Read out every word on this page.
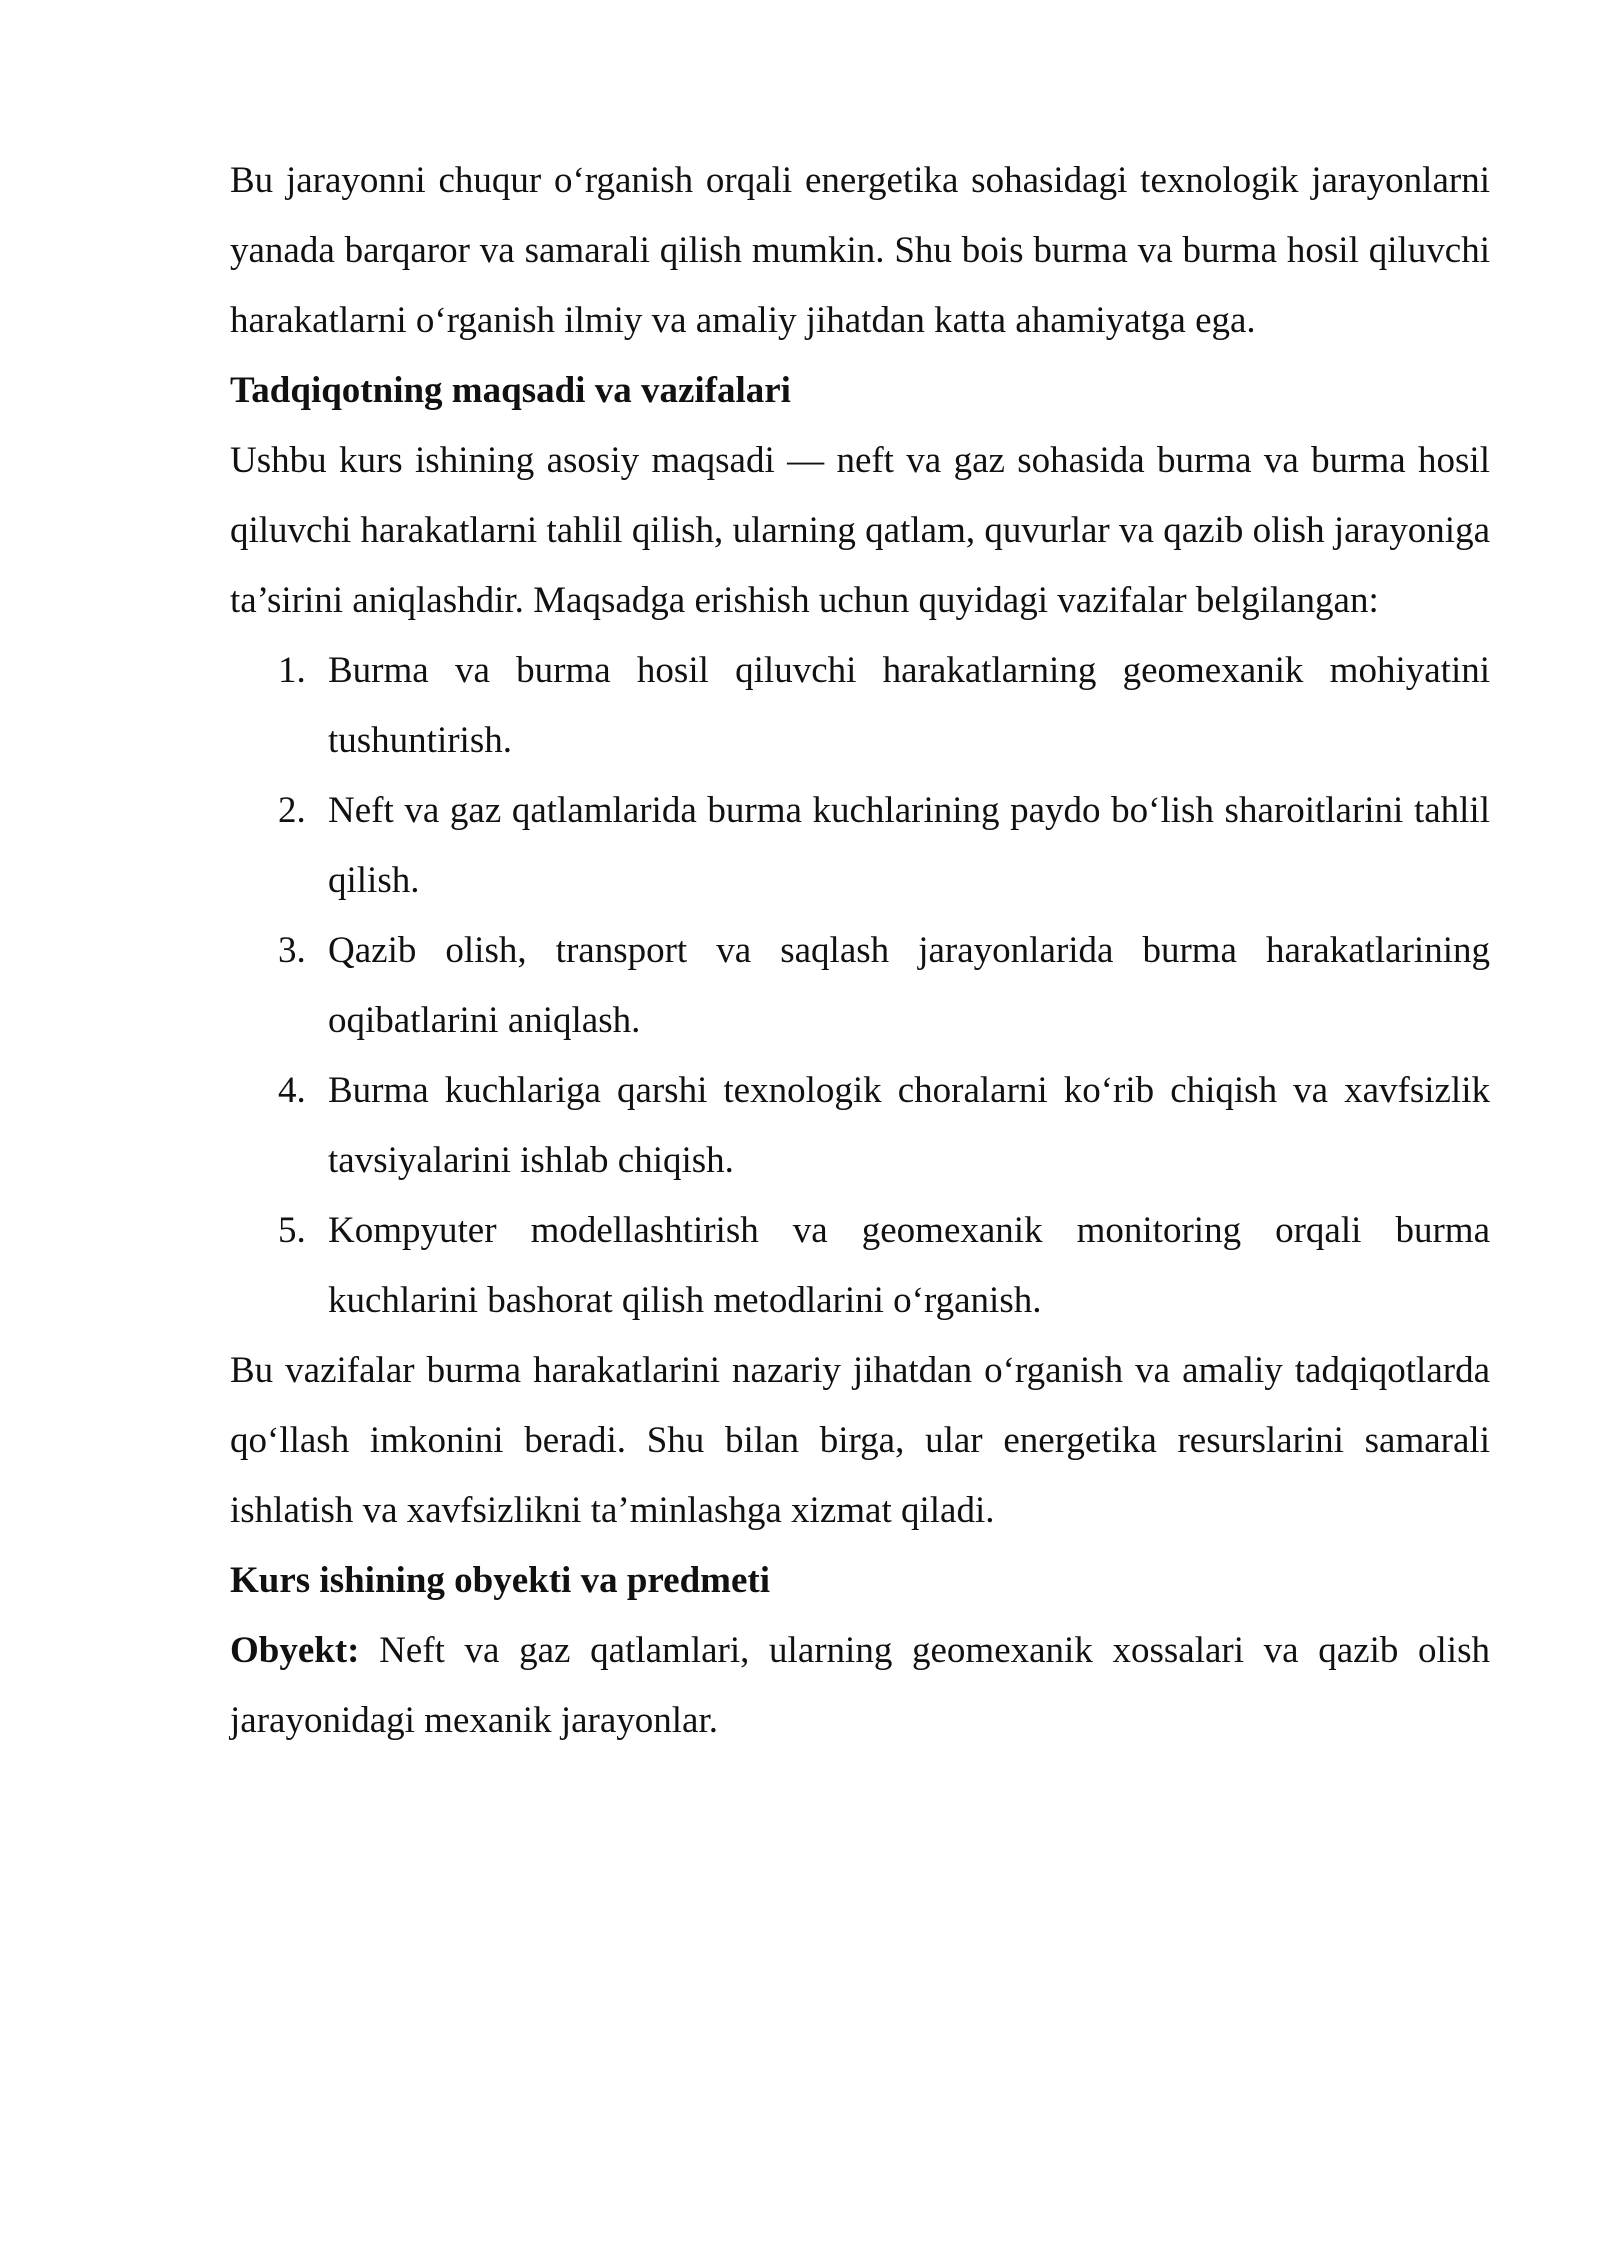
Bu jarayonni chuqur o‘rganish orqali energetika sohasidagi texnologik jarayonlarni yanada barqaror va samarali qilish mumkin. Shu bois burma va burma hosil qiluvchi harakatlarni o‘rganish ilmiy va amaliy jihatdan katta ahamiyatga ega.

Tadqiqotning maqsadi va vazifalari

Ushbu kurs ishining asosiy maqsadi — neft va gaz sohasida burma va burma hosil qiluvchi harakatlarni tahlil qilish, ularning qatlam, quvurlar va qazib olish jarayoniga ta’sirini aniqlashdir. Maqsadga erishish uchun quyidagi vazifalar belgilangan:

1. Burma va burma hosil qiluvchi harakatlarning geomexanik mohiyatini tushuntirish.
2. Neft va gaz qatlamlarida burma kuchlarining paydo bo‘lish sharoitlarini tahlil qilish.
3. Qazib olish, transport va saqlash jarayonlarida burma harakatlarining oqibatlarini aniqlash.
4. Burma kuchlariga qarshi texnologik choralarni ko‘rib chiqish va xavfsizlik tavsiyalarini ishlab chiqish.
5. Kompyuter modellashtirish va geomexanik monitoring orqali burma kuchlarini bashorat qilish metodlarini o‘rganish.

Bu vazifalar burma harakatlarini nazariy jihatdan o‘rganish va amaliy tadqiqotlarda qo‘llash imkonini beradi. Shu bilan birga, ular energetika resurslarini samarali ishlatish va xavfsizlikni ta’minlashga xizmat qiladi.

Kurs ishining obyekti va predmeti

Obyekt: Neft va gaz qatlamlari, ularning geomexanik xossalari va qazib olish jarayonidagi mexanik jarayonlar.
